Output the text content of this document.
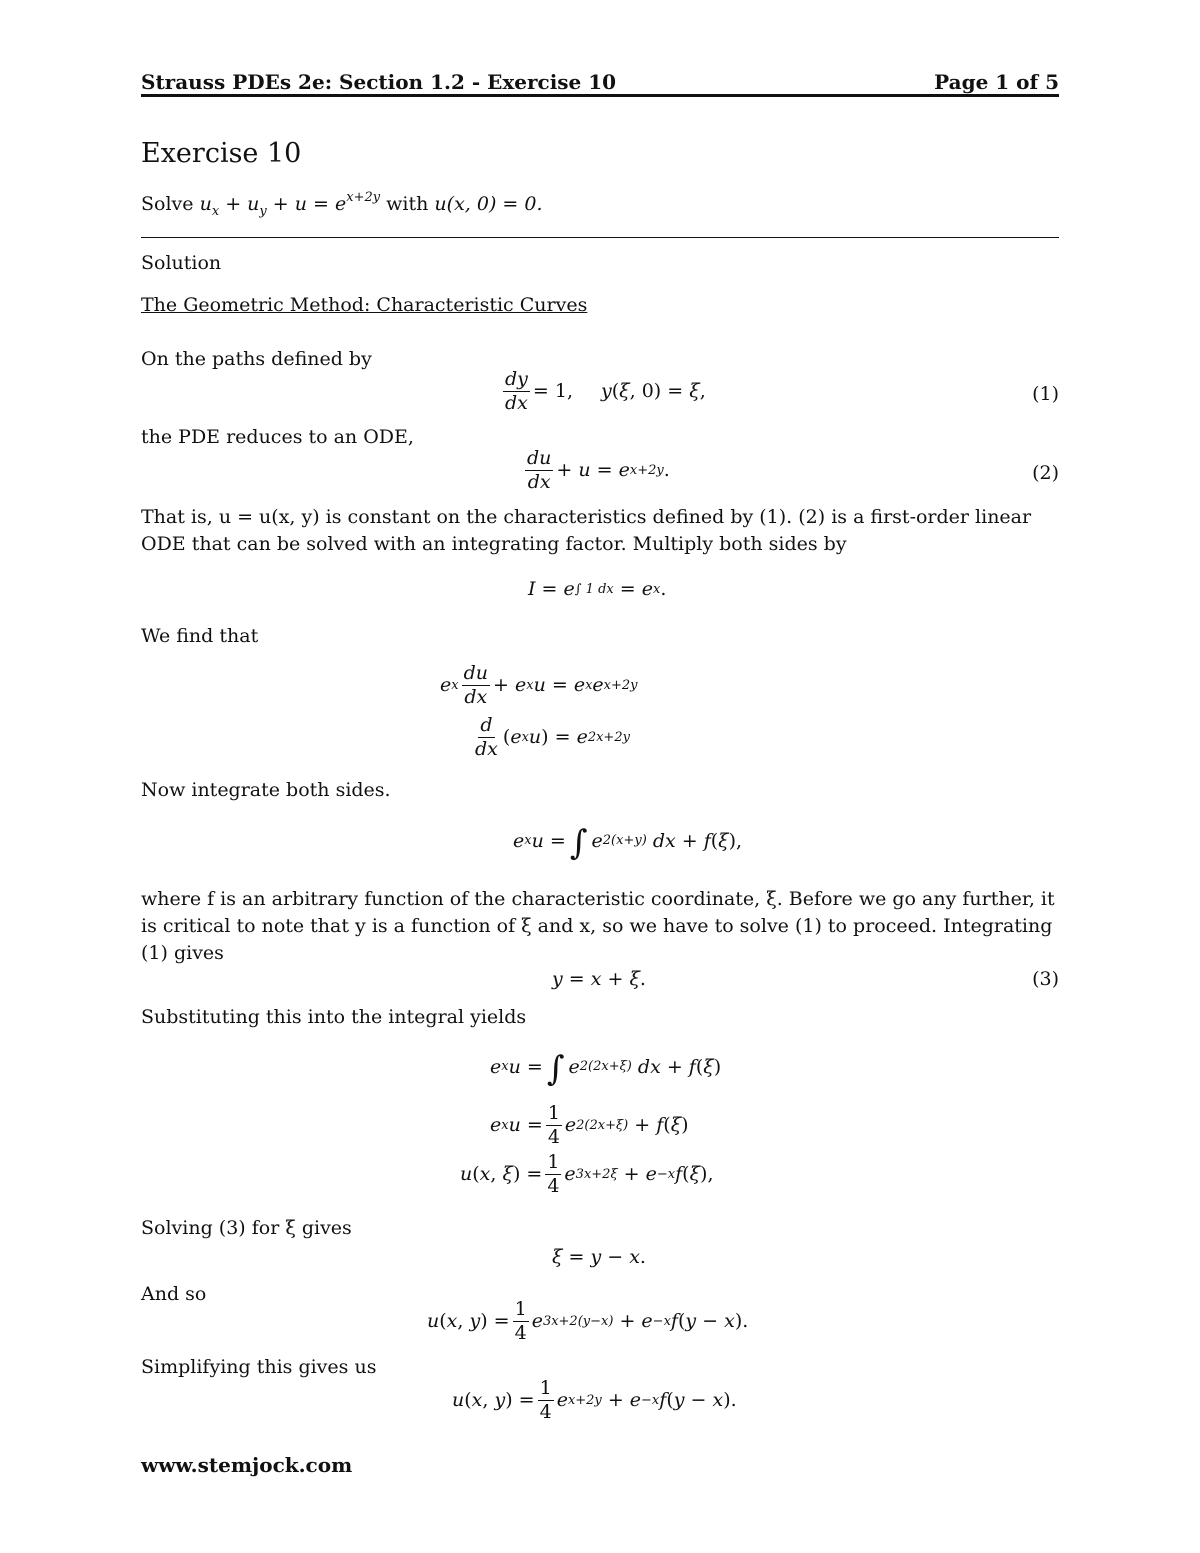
Strauss PDEs 2e: Section 1.2 - Exercise 10	Page 1 of 5
Exercise 10
Solve $u_x + u_y + u = e^{x+2y}$ with u(x, 0) = 0.
Solution
The Geometric Method: Characteristic Curves
On the paths defined by
$\frac{dy}{dx} = 1$, y ( ξ , 0) = ξ ,	(1)
the PDE reduces to an ODE,
$\frac{du}{dx} + u = e$ x+2y .	(2)
That is, u = u(x, y) is constant on the characteristics defined by (1). (2) is a first-order linear ODE that can be solved with an integrating factor. Multiply both sides by
I = e ∫ 1 dx = e x .
We find that
e x $\frac{du}{dx} + e$ x u = e x e x+2y
$\frac{d}{dx}$ ( e x u ) = e 2x+2y
Now integrate both sides.
e x u = ∫ e 2(x+y)
dx + f ( ξ ),
where f is an arbitrary function of the characteristic coordinate, ξ. Before we go any further, it is critical to note that y is a function of ξ and x, so we have to solve (1) to proceed. Integrating (1) gives
y = x + ξ .	(3)
Substituting this into the integral yields
e x u = ∫ e 2(2x+ξ)
dx + f ( ξ )
e x $u = \frac{1}{4}$ e 2(2x+ξ) + f ( ξ )
u ( x , ξ ) = $\frac{1}{4}$ e 3x+2ξ + e −x f ( ξ ),
Solving (3) for ξ gives
ξ = y − x .
And so
u ( x , y ) = $\frac{1}{4}$ e 3x+2(y−x) + e −x f ( y − x ).
Simplifying this gives us
u ( x , y ) = $\frac{1}{4}$ e x+2y + e −x f ( y − x ).
www.stemjock.com
